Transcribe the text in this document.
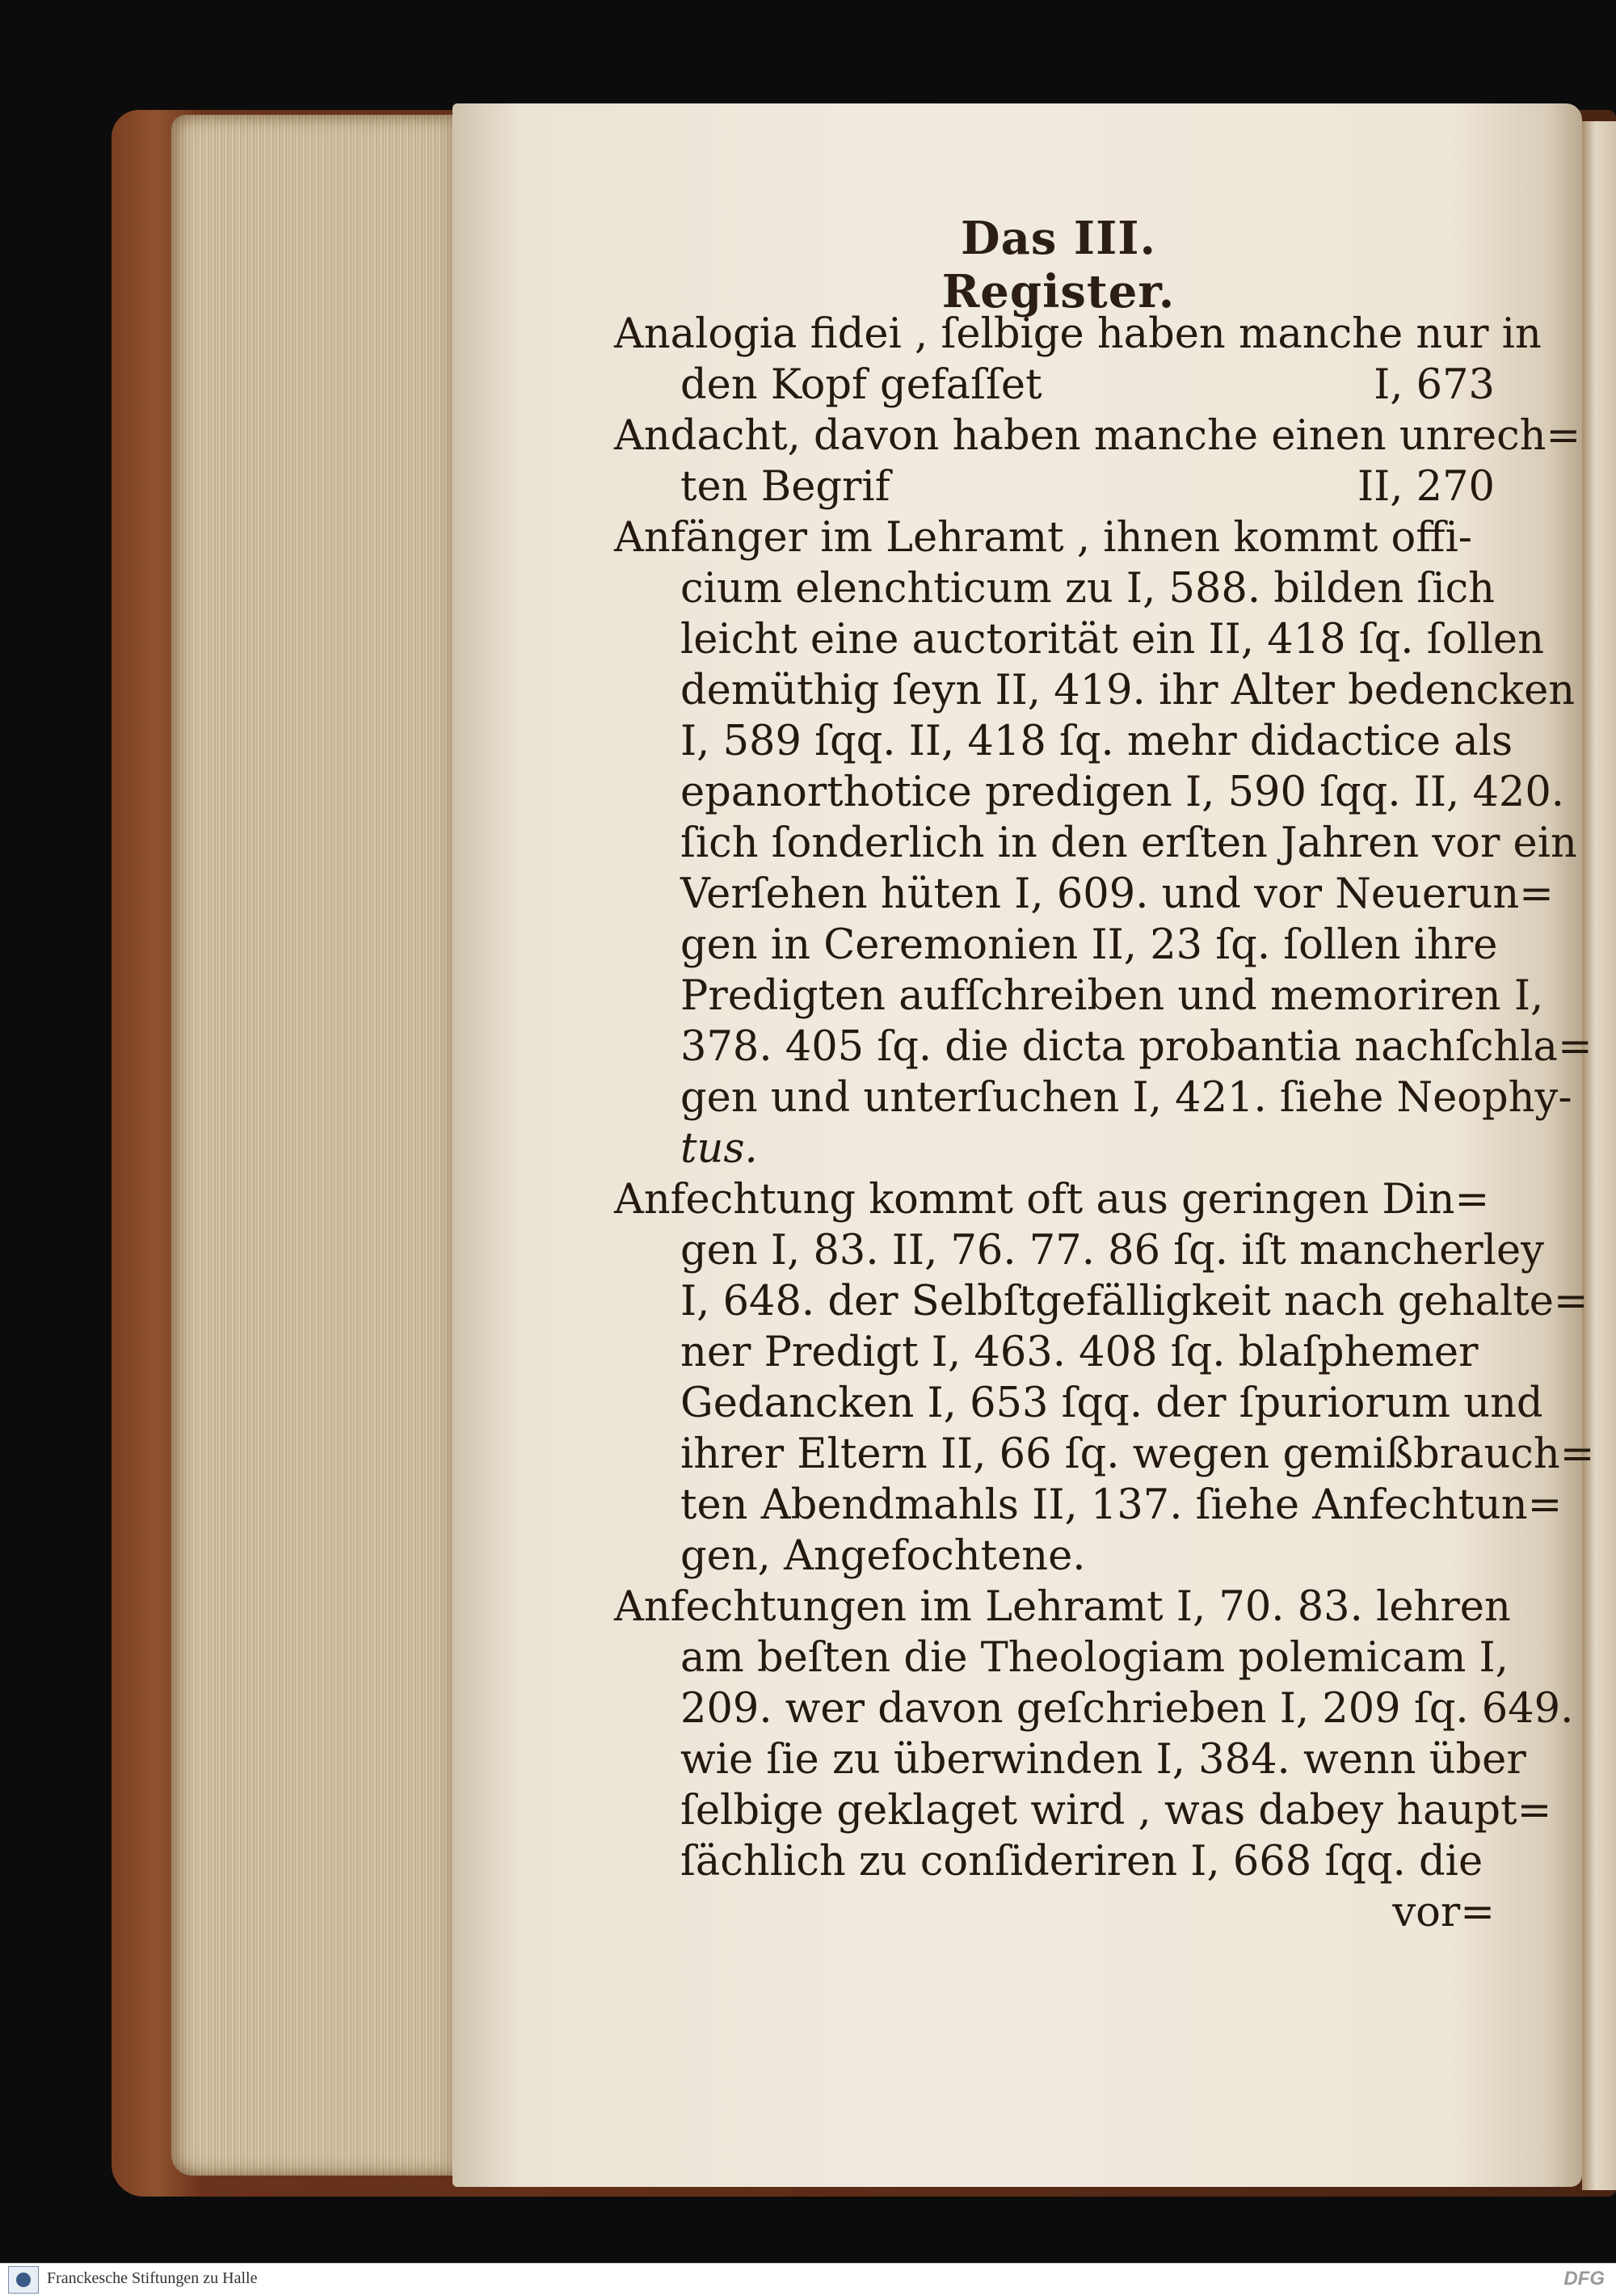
Das III. Register.
Analogia fidei , ſelbige haben manche nur in
den Kopf gefaſſet	I, 673
Andacht, davon haben manche einen unrech=
ten Begrif	II, 270
Anfänger im Lehramt , ihnen kommt offi-
cium elenchticum zu I, 588. bilden ſich
leicht eine auctorität ein II, 418 ſq. ſollen
demüthig ſeyn II, 419. ihr Alter bedencken
I, 589 ſqq. II, 418 ſq. mehr didactice als
epanorthotice predigen I, 590 ſqq. II, 420.
ſich ſonderlich in den erſten Jahren vor ein
Verſehen hüten I, 609. und vor Neuerun=
gen in Ceremonien II, 23 ſq. ſollen ihre
Predigten aufſchreiben und memoriren I,
378. 405 ſq. die dicta probantia nachſchla=
gen und unterſuchen I, 421. ſiehe Neophy-
tus.
Anfechtung kommt oft aus geringen Din=
gen I, 83. II, 76. 77. 86 ſq. iſt mancherley
I, 648. der Selbſtgefälligkeit nach gehalte=
ner Predigt I, 463. 408 ſq. blaſphemer
Gedancken I, 653 ſqq. der ſpuriorum und
ihrer Eltern II, 66 ſq. wegen gemißbrauch=
ten Abendmahls II, 137. ſiehe Anfechtun=
gen, Angefochtene.
Anfechtungen im Lehramt I, 70. 83. lehren
am beſten die Theologiam polemicam I,
209. wer davon geſchrieben I, 209 ſq. 649.
wie ſie zu überwinden I, 384. wenn über
ſelbige geklaget wird , was dabey haupt=
ſächlich zu conſideriren I, 668 ſqq. die
vor=
Franckesche Stiftungen zu Halle	DFG
